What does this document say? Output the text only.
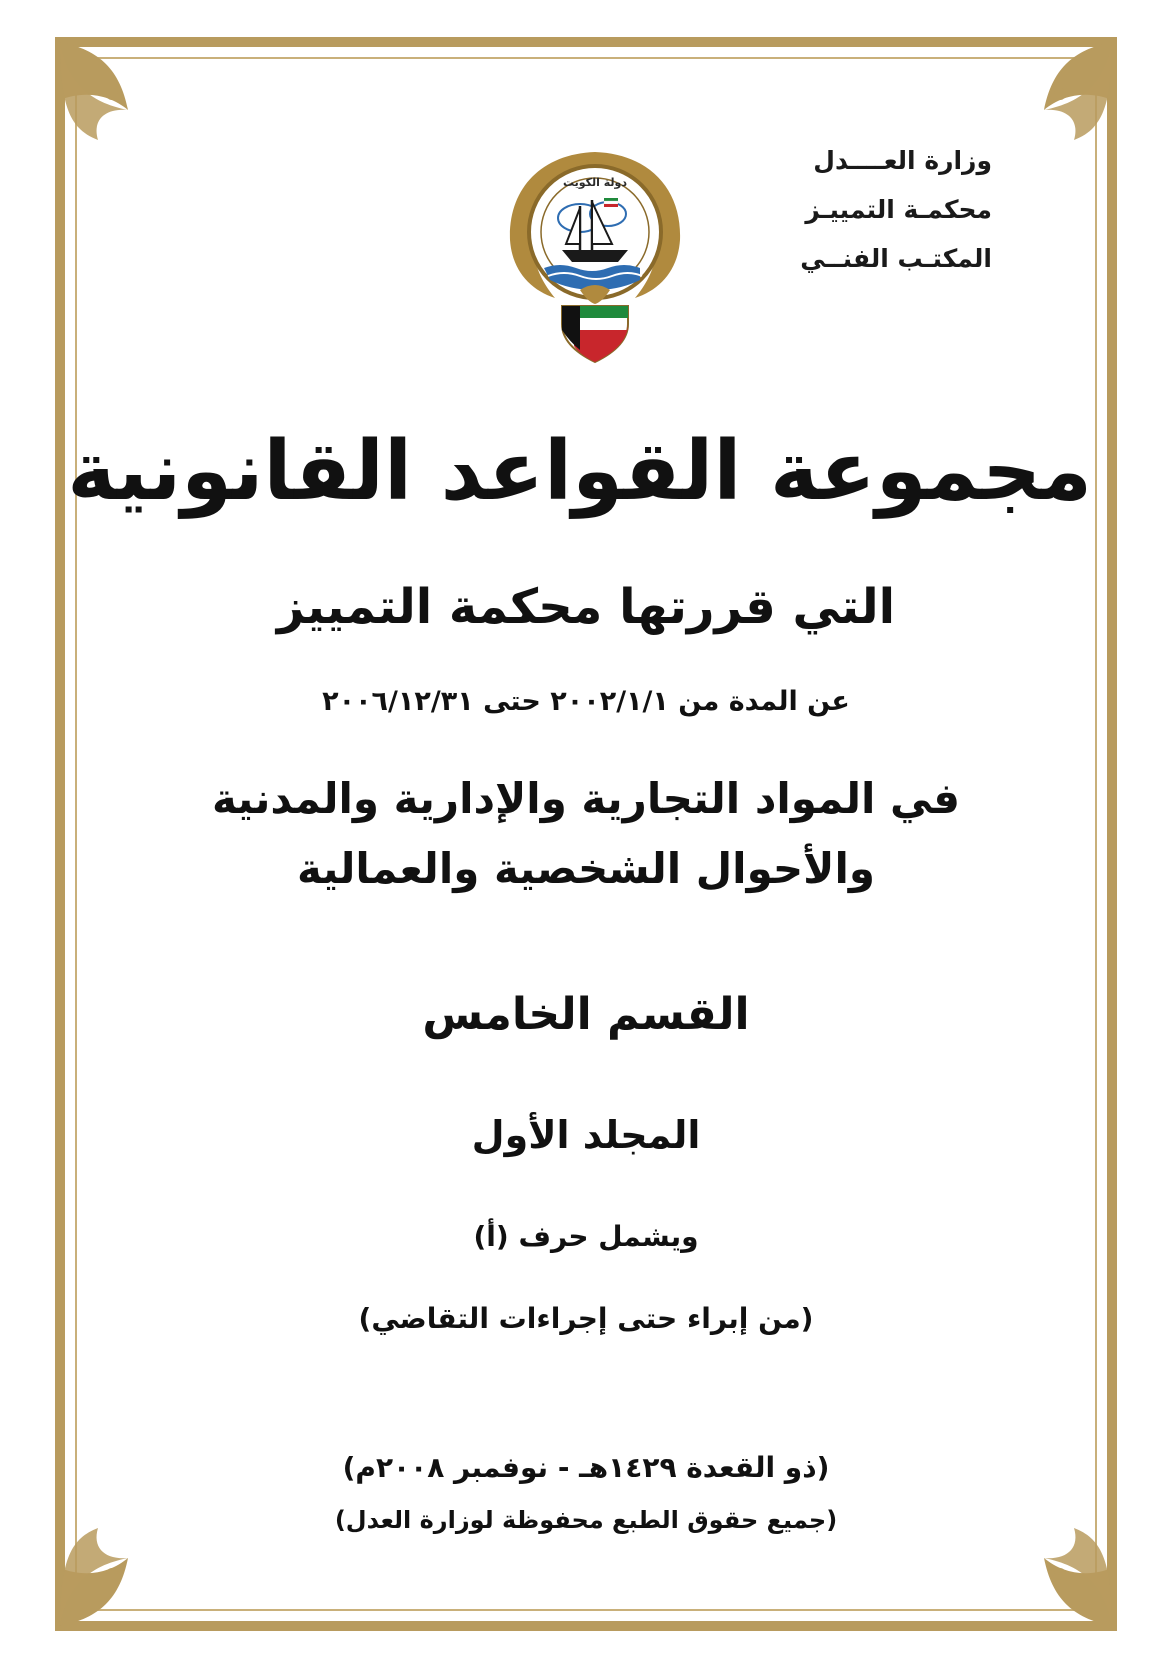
وزارة العــــدل
محكمـة التمييـز
المكتـب الفنــي
دولة الكويت
مجموعة القواعد القانونية
التي قررتها محكمة التمييز
عن المدة من ٢٠٠٢/١/١ حتى ٢٠٠٦/١٢/٣١
في المواد التجارية والإدارية والمدنية
والأحوال الشخصية والعمالية
القسم الخامس
المجلد الأول
ويشمل حرف (أ)
(من إبراء حتى إجراءات التقاضي)
(ذو القعدة ١٤٢٩هـ - نوفمبر ٢٠٠٨م)
(جميع حقوق الطبع محفوظة لوزارة العدل)
